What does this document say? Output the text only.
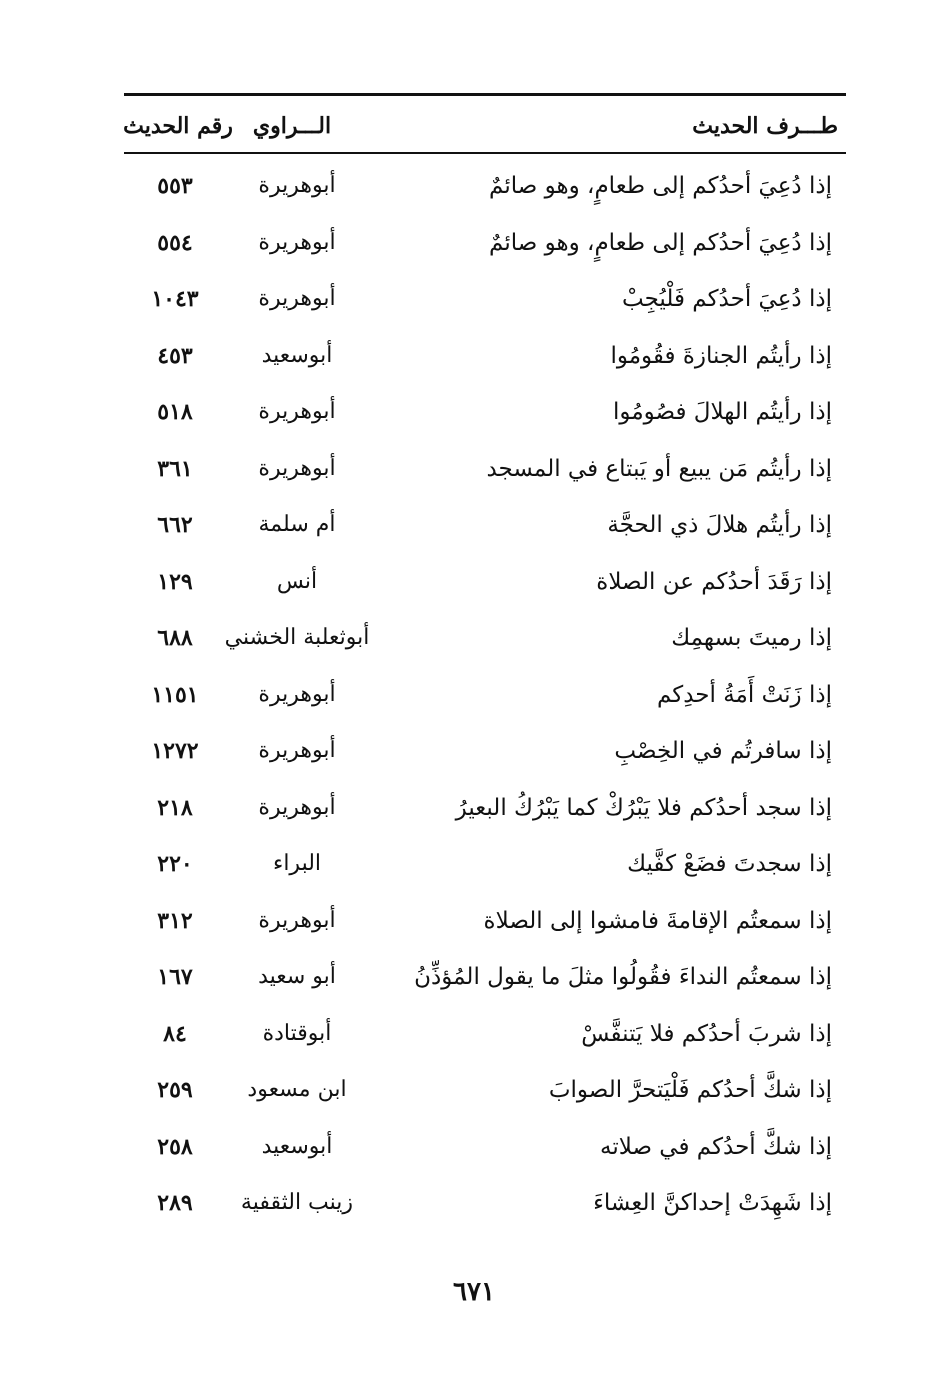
طـــرف الحديث
الـــراوي
رقم الحديث
إذا دُعِيَ أحدُكم إلى طعامٍ، وهو صائمٌ
أبوهريرة
٥٥٣
إذا دُعِيَ أحدُكم إلى طعامٍ، وهو صائمٌ
أبوهريرة
٥٥٤
إذا دُعِيَ أحدُكم فَلْيُجِبْ
أبوهريرة
١٠٤٣
إذا رأيتُم الجنازةَ فقُومُوا
أبوسعيد
٤٥٣
إذا رأيتُم الهلالَ فصُومُوا
أبوهريرة
٥١٨
إذا رأيتُم مَن يبيع أو يَبتاع في المسجد
أبوهريرة
٣٦١
إذا رأيتُم هلالَ ذي الحجَّة
أم سلمة
٦٦٢
إذا رَقَدَ أحدُكم عن الصلاة
أنس
١٢٩
إذا رميتَ بسهمِك
أبوثعلبة الخشني
٦٨٨
إذا زَنَتْ أَمَةُ أحدِكم
أبوهريرة
١١٥١
إذا سافرتُم في الخِصْبِ
أبوهريرة
١٢٧٢
إذا سجد أحدُكم فلا يَبْرُكْ كما يَبْرُكُ البعيرُ
أبوهريرة
٢١٨
إذا سجدتَ فضَعْ كفَّيك
البراء
٢٢٠
إذا سمعتُم الإقامةَ فامشوا إلى الصلاة
أبوهريرة
٣١٢
إذا سمعتُم النداءَ فقُولُوا مثلَ ما يقول المُؤذِّنُ
أبو سعيد
١٦٧
إذا شربَ أحدُكم فلا يَتنفَّسْ
أبوقتادة
٨٤
إذا شكَّ أحدُكم فَلْيَتحرَّ الصوابَ
ابن مسعود
٢٥٩
إذا شكَّ أحدُكم في صلاته
أبوسعيد
٢٥٨
إذا شَهِدَتْ إحداكنَّ العِشاءَ
زينب الثقفية
٢٨٩
٦٧١
